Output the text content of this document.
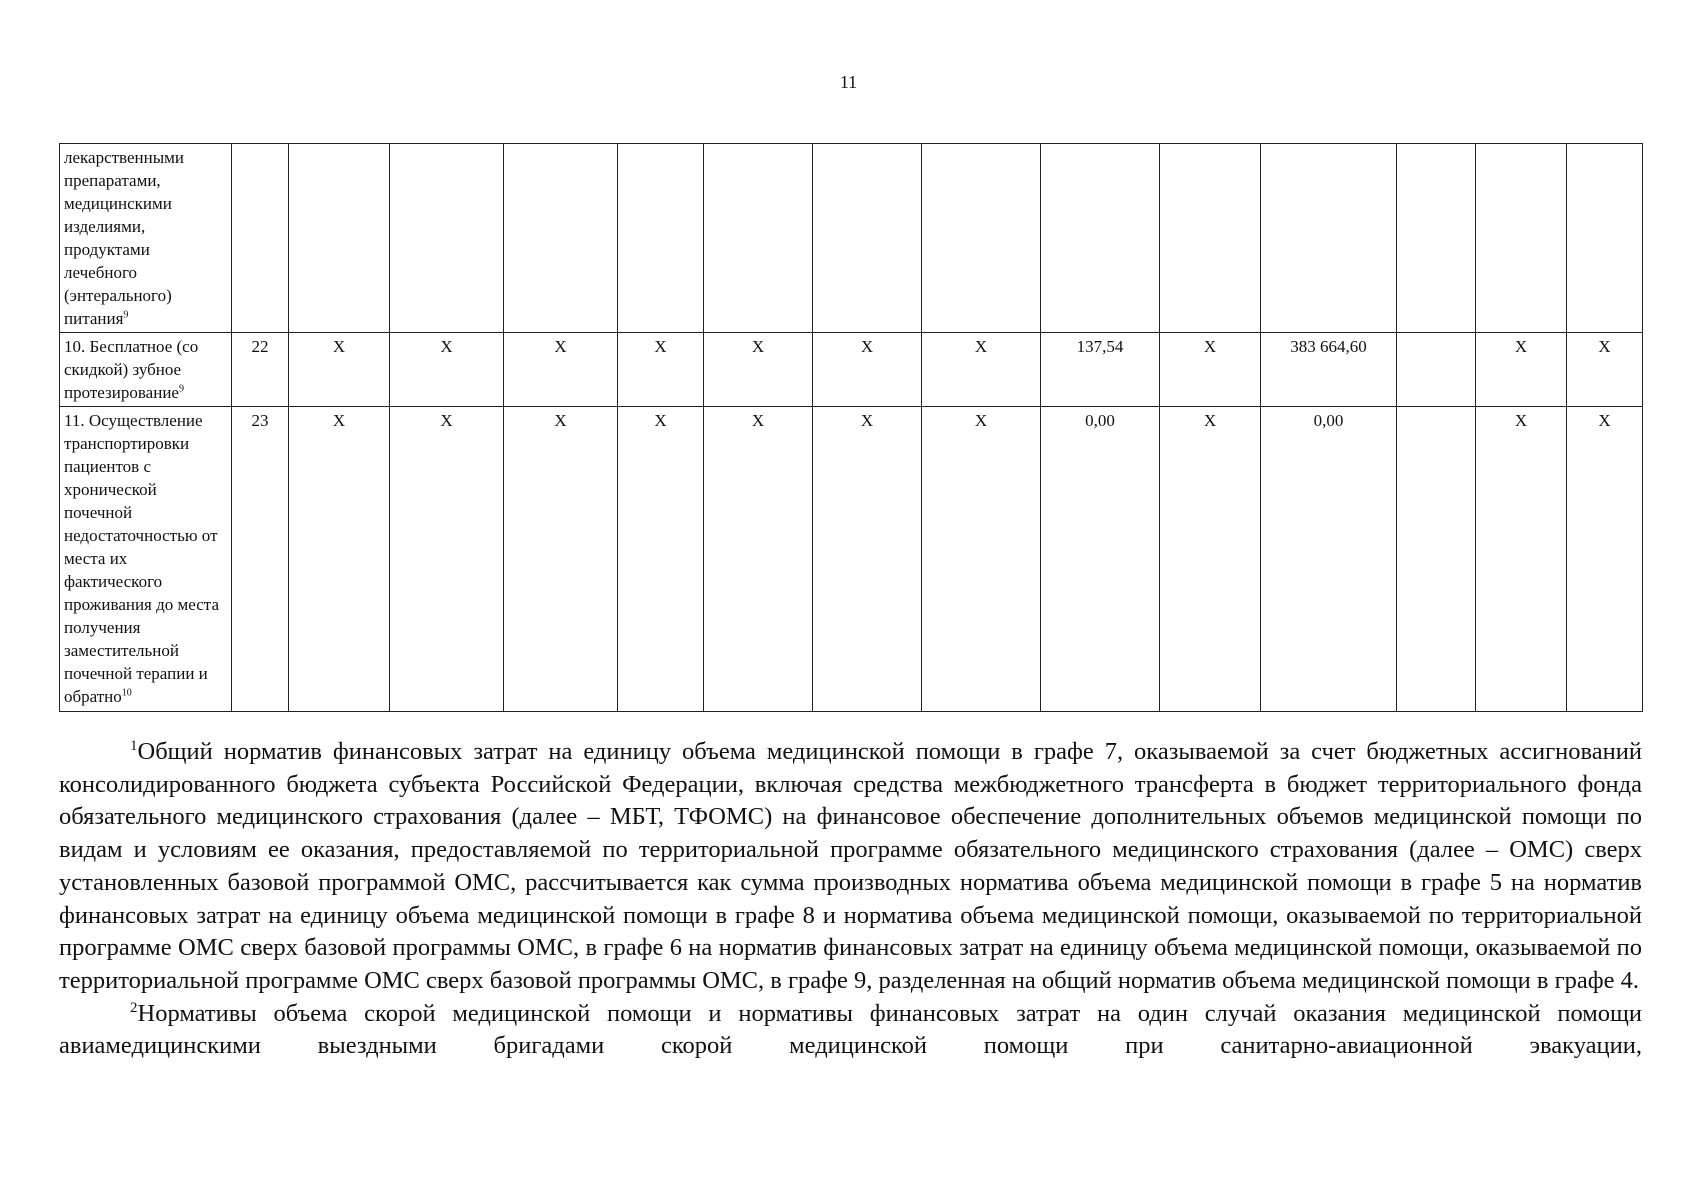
11
лекарственными препаратами, медицинскими изделиями, продуктами лечебного (энтерального) питания$^9$														
10. Бесплатное (со скидкой) зубное протезирование$^9$	22	Х	Х	Х	Х	Х	Х	Х	137,54	Х	383 664,60		Х	Х
11. Осуществление транспортировки пациентов с хронической почечной недостаточностью от места их фактического проживания до места получения заместительной почечной терапии и обратно$^{10}$	23	Х	Х	Х	Х	Х	Х	Х	0,00	Х	0,00		Х	Х

$^1$Общий норматив финансовых затрат на единицу объема медицинской помощи в графе 7, оказываемой за счет бюджетных ассигнований консолидированного бюджета субъекта Российской Федерации, включая средства межбюджетного трансферта в бюджет территориального фонда обязательного медицинского страхования (далее – МБТ, ТФОМС) на финансовое обеспечение дополнительных объемов медицинской помощи по видам и условиям ее оказания, предоставляемой по территориальной программе обязательного медицинского страхования (далее – ОМС) сверх установленных базовой программой ОМС, рассчитывается как сумма производных норматива объема медицинской помощи в графе 5 на норматив финансовых затрат на единицу объема медицинской помощи в графе 8 и норматива объема медицинской помощи, оказываемой по территориальной программе ОМС сверх базовой программы ОМС, в графе 6 на норматив финансовых затрат на единицу объема медицинской помощи, оказываемой по территориальной программе ОМС сверх базовой программы ОМС, в графе 9, разделенная на общий норматив объема медицинской помощи в графе 4.

$^2$Нормативы объема скорой медицинской помощи и нормативы финансовых затрат на один случай оказания медицинской помощи авиамедицинскими выездными бригадами скорой медицинской помощи при санитарно-авиационной эвакуации,
